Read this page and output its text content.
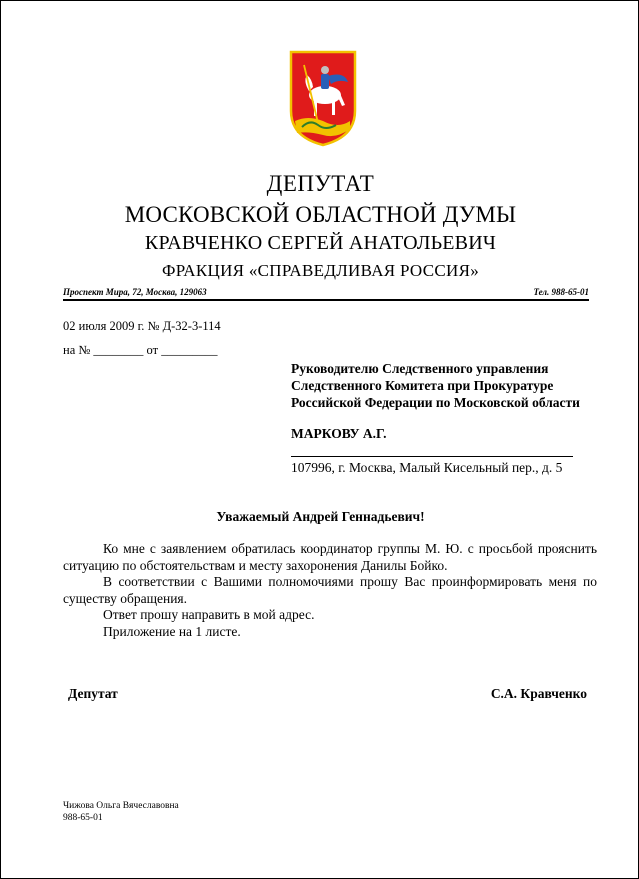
ДЕПУТАТ
МОСКОВСКОЙ ОБЛАСТНОЙ ДУМЫ
КРАВЧЕНКО СЕРГЕЙ АНАТОЛЬЕВИЧ
ФРАКЦИЯ «СПРАВЕДЛИВАЯ РОССИЯ»
Проспект Мира, 72, Москва, 129063	Тел. 988-65-01
02 июля 2009 г. № Д-32-3-114
на № ________ от _________
Руководителю Следственного управления
Следственного Комитета при Прокуратуре
Российской Федерации по Московской области
МАРКОВУ А.Г.
107996, г. Москва, Малый Кисельный пер., д. 5
Уважаемый Андрей Геннадьевич!

Ко мне с заявлением обратилась координатор группы М. Ю. с просьбой прояснить ситуацию по обстоятельствам и месту захоронения Данилы Бойко.

В соответствии с Вашими полномочиями прошу Вас проинформировать меня по существу обращения.

Ответ прошу направить в мой адрес.

Приложение на 1 листе.

Депутат	С.А. Кравченко
Чижова Ольга Вячеславовна
988-65-01
